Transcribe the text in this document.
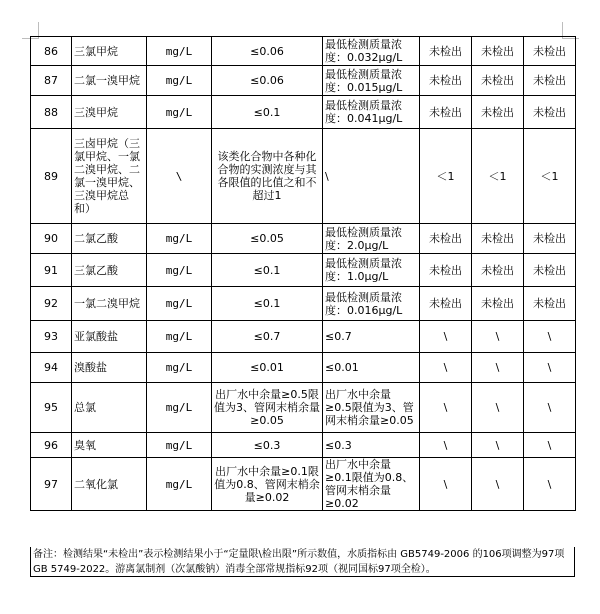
86	三氯甲烷	mg/L	≤0.06	最低检测质量浓度：0.032μg/L	未检出	未检出	未检出
87	二氯一溴甲烷	mg/L	≤0.06	最低检测质量浓度：0.015μg/L	未检出	未检出	未检出
88	三溴甲烷	mg/L	≤0.1	最低检测质量浓度：0.041μg/L	未检出	未检出	未检出
89	三卤甲烷（三氯甲烷、一氯二溴甲烷、二氯一溴甲烷、三溴甲烷总和）	\	该类化合物中各种化合物的实测浓度与其各限值的比值之和不超过1	\	＜1	＜1	＜1
90	二氯乙酸	mg/L	≤0.05	最低检测质量浓度：2.0μg/L	未检出	未检出	未检出
91	三氯乙酸	mg/L	≤0.1	最低检测质量浓度：1.0μg/L	未检出	未检出	未检出
92	一氯二溴甲烷	mg/L	≤0.1	最低检测质量浓度：0.016μg/L	未检出	未检出	未检出
93	亚氯酸盐	mg/L	≤0.7	≤0.7	\	\	\
94	溴酸盐	mg/L	≤0.01	≤0.01	\	\	\
95	总氯	mg/L	出厂水中余量≥0.5限值为3、管网末梢余量≥0.05	出厂水中余量≥0.5限值为3、管网末梢余量≥0.05	\	\	\
96	臭氧	mg/L	≤0.3	≤0.3	\	\	\
97	二氧化氯	mg/L	出厂水中余量≥0.1限值为0.8、管网末梢余量≥0.02	出厂水中余量≥0.1限值为0.8、管网末梢余量≥0.02	\	\	\
备注：检测结果“未检出”表示检测结果小于“定量限\检出限”所示数值，水质指标由 GB5749-2006 的106项调整为97项 GB 5749-2022。游离氯制剂（次氯酸钠）消毒全部常规指标92项（视同国标97项全检）。
